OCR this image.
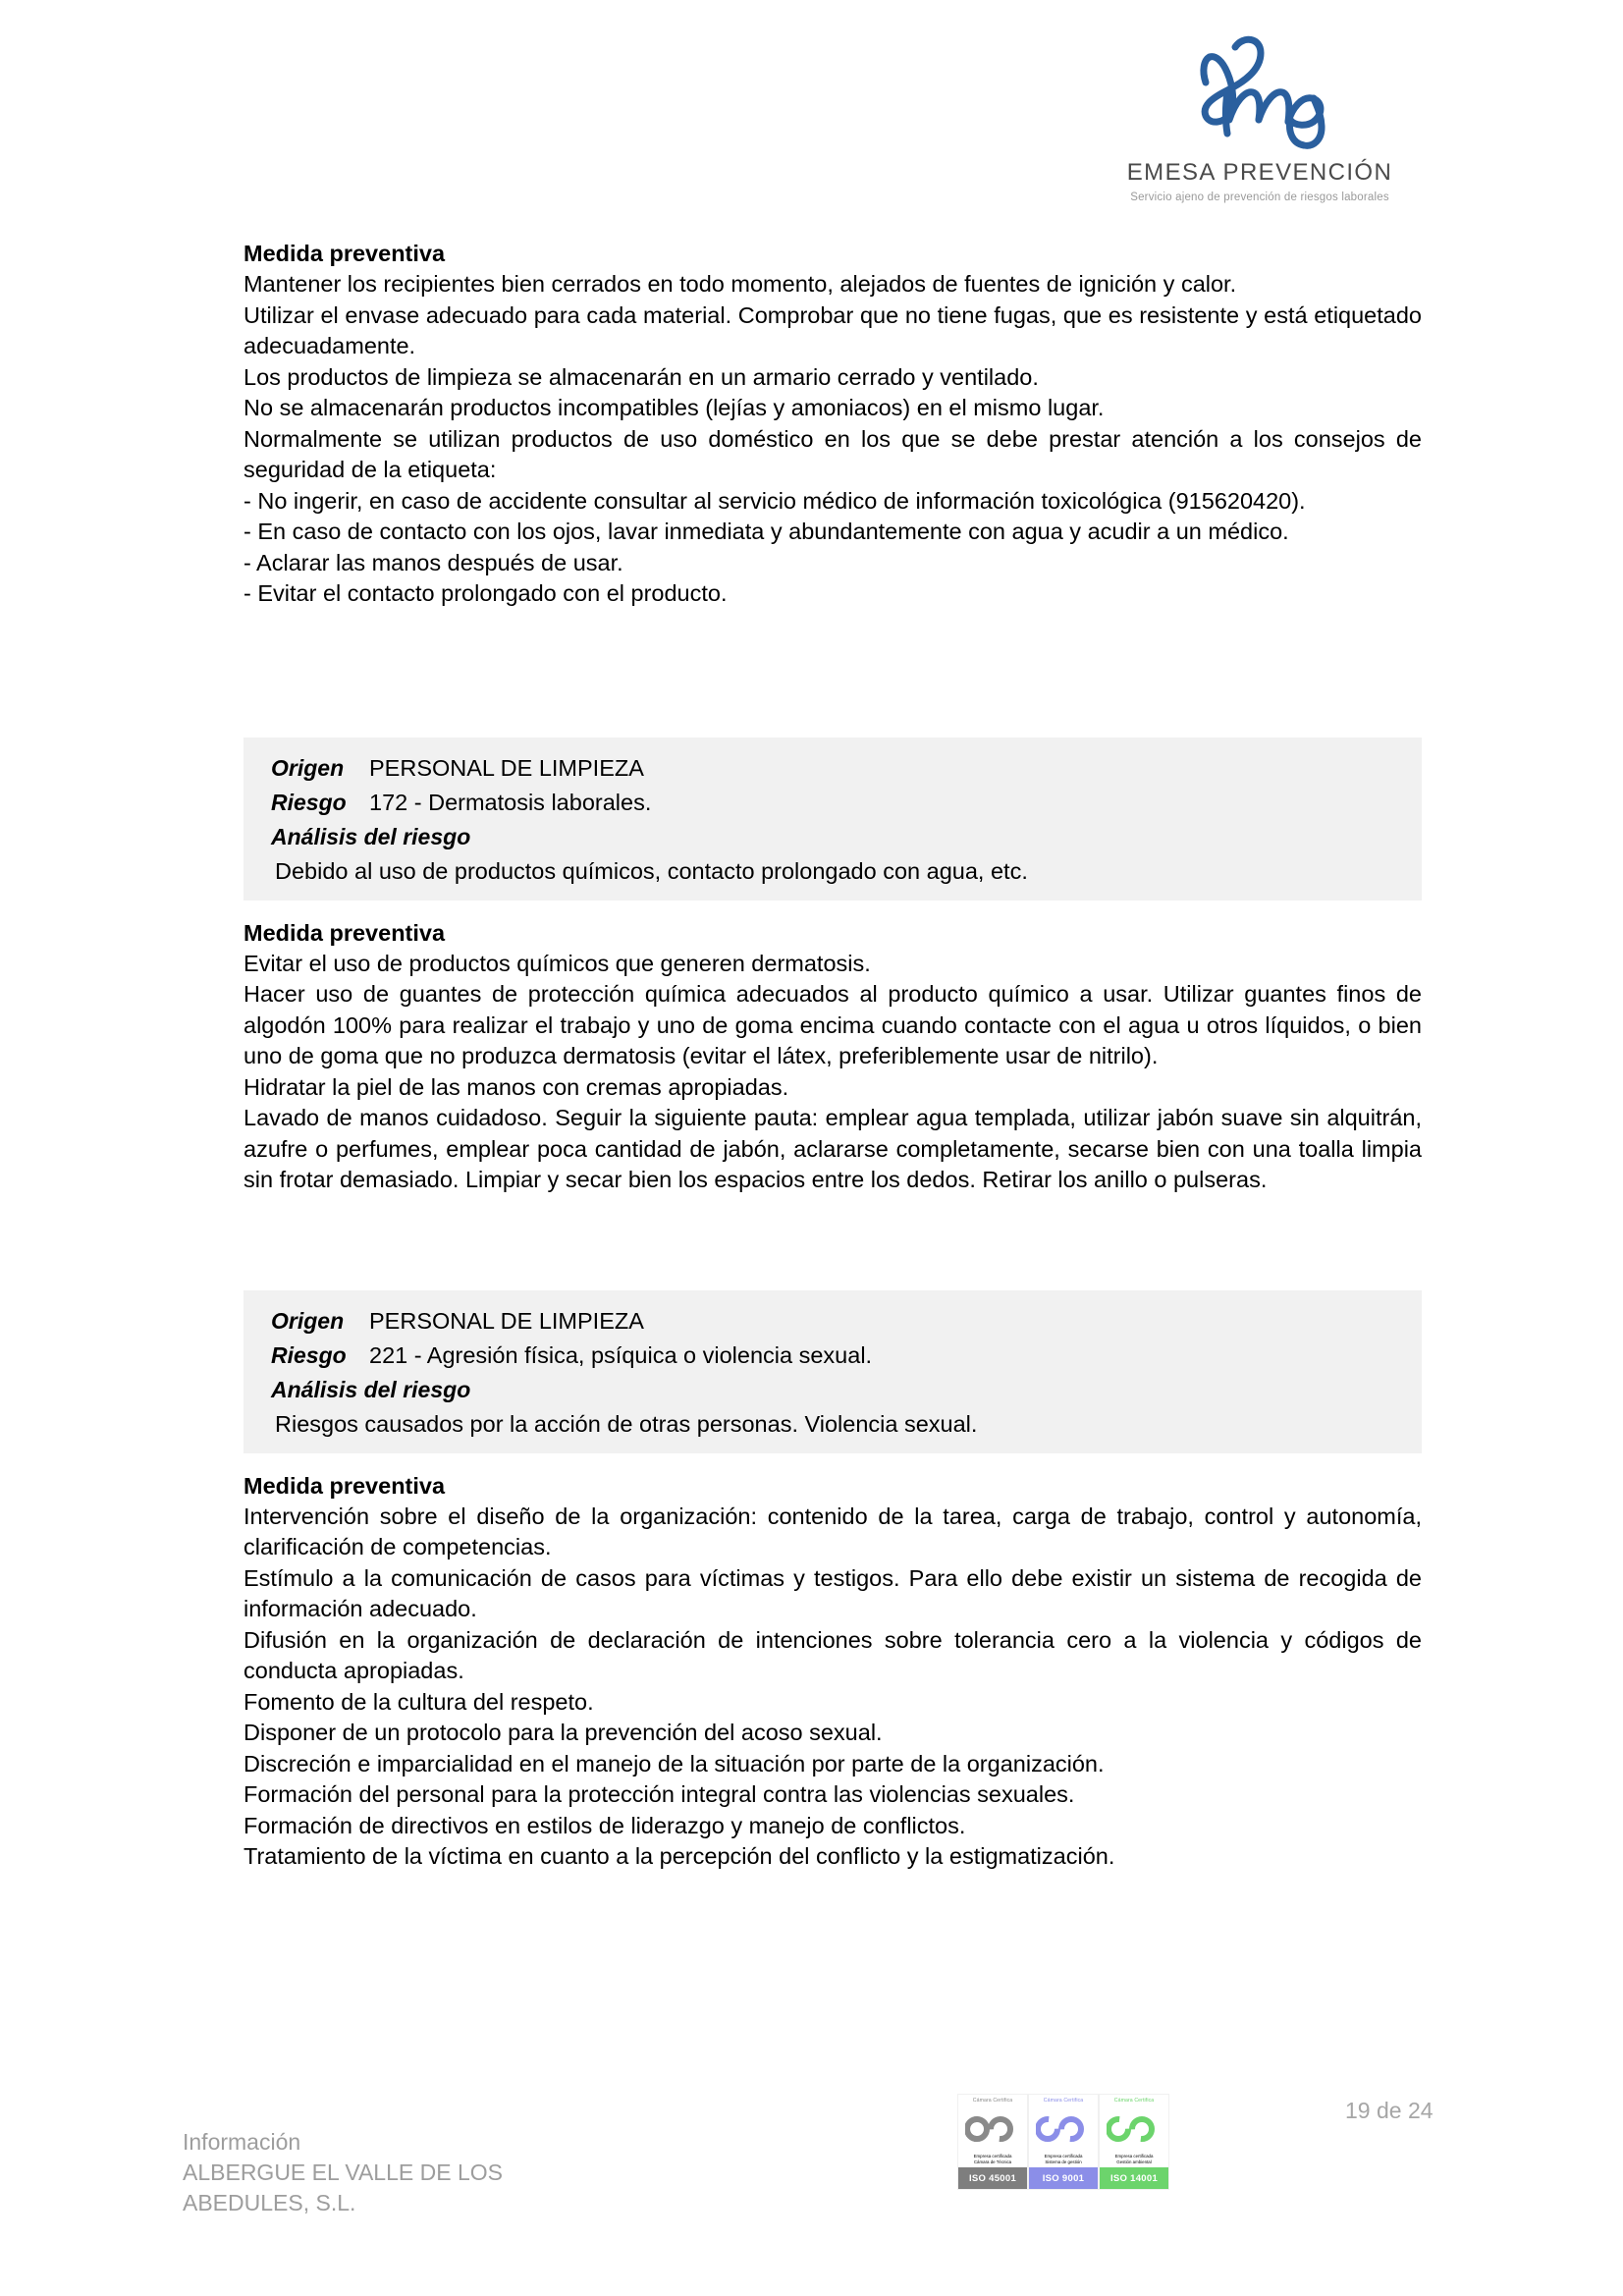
EMESA PREVENCIÓN
Servicio ajeno de prevención de riesgos laborales
Medida preventiva

Mantener los recipientes bien cerrados en todo momento, alejados de fuentes de ignición y calor.

Utilizar el envase adecuado para cada material. Comprobar que no tiene fugas, que es resistente y está etiquetado adecuadamente.

Los productos de limpieza se almacenarán en un armario cerrado y ventilado.

No se almacenarán productos incompatibles (lejías y amoniacos) en el mismo lugar.

Normalmente se utilizan productos de uso doméstico en los que se debe prestar atención a los consejos de seguridad de la etiqueta:

- No ingerir, en caso de accidente consultar al servicio médico de información toxicológica (915620420).

- En caso de contacto con los ojos, lavar inmediata y abundantemente con agua y acudir a un médico.

- Aclarar las manos después de usar.

- Evitar el contacto prolongado con el producto.

Origen	PERSONAL DE LIMPIEZA
Riesgo 172 - Dermatosis laborales.
Análisis del riesgo
Debido al uso de productos químicos, contacto prolongado con agua, etc.
Medida preventiva

Evitar el uso de productos químicos que generen dermatosis.

Hacer uso de guantes de protección química adecuados al producto químico a usar. Utilizar guantes finos de algodón 100% para realizar el trabajo y uno de goma encima cuando contacte con el agua u otros líquidos, o bien uno de goma que no produzca dermatosis (evitar el látex, preferiblemente usar de nitrilo).

Hidratar la piel de las manos con cremas apropiadas.

Lavado de manos cuidadoso. Seguir la siguiente pauta: emplear agua templada, utilizar jabón suave sin alquitrán, azufre o perfumes, emplear poca cantidad de jabón, aclararse completamente, secarse bien con una toalla limpia sin frotar demasiado. Limpiar y secar bien los espacios entre los dedos. Retirar los anillo o pulseras.

Origen	PERSONAL DE LIMPIEZA
Riesgo 221 - Agresión física, psíquica o violencia sexual.
Análisis del riesgo
Riesgos causados por la acción de otras personas. Violencia sexual.
Medida preventiva

Intervención sobre el diseño de la organización: contenido de la tarea, carga de trabajo, control y autonomía, clarificación de competencias.

Estímulo a la comunicación de casos para víctimas y testigos. Para ello debe existir un sistema de recogida de información adecuado.

Difusión en la organización de declaración de intenciones sobre tolerancia cero a la violencia y códigos de conducta apropiadas.

Fomento de la cultura del respeto.

Disponer de un protocolo para la prevención del acoso sexual.

Discreción e imparcialidad en el manejo de la situación por parte de la organización.

Formación del personal para la protección integral contra las violencias sexuales.

Formación de directivos en estilos de liderazgo y manejo de conflictos.

Tratamiento de la víctima en cuanto a la percepción del conflicto y la estigmatización.

Información
ALBERGUE EL VALLE DE LOS
ABEDULES, S.L.
Cámara Certifica
Empresa certificada
Cámara de Técnica
ISO 45001
Cámara Certifica
Empresa certificada
Sistema de gestión
ISO 9001
Cámara Certifica
Empresa certificada
Gestión ambiental
ISO 14001
19 de 24
